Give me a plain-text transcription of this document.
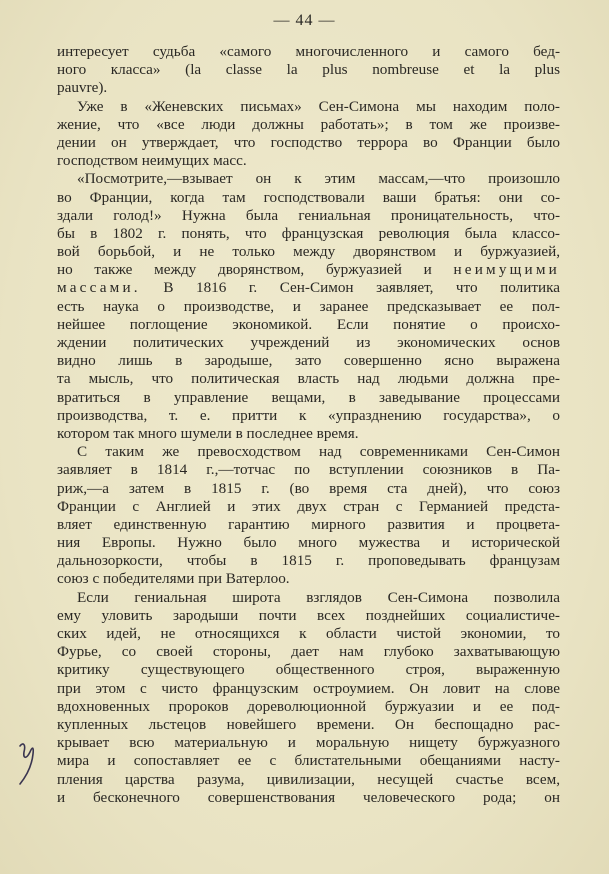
— 44 —
интересует судьба «самого многочисленного и самого бед-
ного класса» (la classe la plus nombreuse et la plus
pauvre).
Уже в «Женевских письмах» Сен-Симона мы находим поло-
жение, что «все люди должны работать»; в том же произве-
дении он утверждает, что господство террора во Франции было
господством неимущих масс.
«Посмотрите,—взывает он к этим массам,—что произошло
во Франции, когда там господствовали ваши братья: они со-
здали голод!» Нужна была гениальная проницательность, что-
бы в 1802 г. понять, что французская революция была классо-
вой борьбой, и не только между дворянством и буржуазией,
но также между дворянством, буржуазией и неимущими
массами. В 1816 г. Сен-Симон заявляет, что политика
есть наука о производстве, и заранее предсказывает ее пол-
нейшее поглощение экономикой. Если понятие о происхо-
ждении политических учреждений из экономических основ
видно лишь в зародыше, зато совершенно ясно выражена
та мысль, что политическая власть над людьми должна пре-
вратиться в управление вещами, в заведывание процессами
производства, т. е. притти к «упразднению государства», о
котором так много шумели в последнее время.
С таким же превосходством над современниками Сен-Симон
заявляет в 1814 г.,—тотчас по вступлении союзников в Па-
риж,—а затем в 1815 г. (во время ста дней), что союз
Франции с Англией и этих двух стран с Германией предста-
вляет единственную гарантию мирного развития и процвета-
ния Европы. Нужно было много мужества и исторической
дальнозоркости, чтобы в 1815 г. проповедывать французам
союз с победителями при Ватерлоо.
Если гениальная широта взглядов Сен-Симона позволила
ему уловить зародыши почти всех позднейших социалистиче-
ских идей, не относящихся к области чистой экономии, то
Фурье, со своей стороны, дает нам глубоко захватывающую
критику существующего общественного строя, выраженную
при этом с чисто французским остроумием. Он ловит на слове
вдохновенных пророков дореволюционной буржуазии и ее под-
купленных льстецов новейшего времени. Он беспощадно рас-
крывает всю материальную и моральную нищету буржуазного
мира и сопоставляет ее с блистательными обещаниями насту-
пления царства разума, цивилизации, несущей счастье всем,
и бесконечного совершенствования человеческого рода; он
